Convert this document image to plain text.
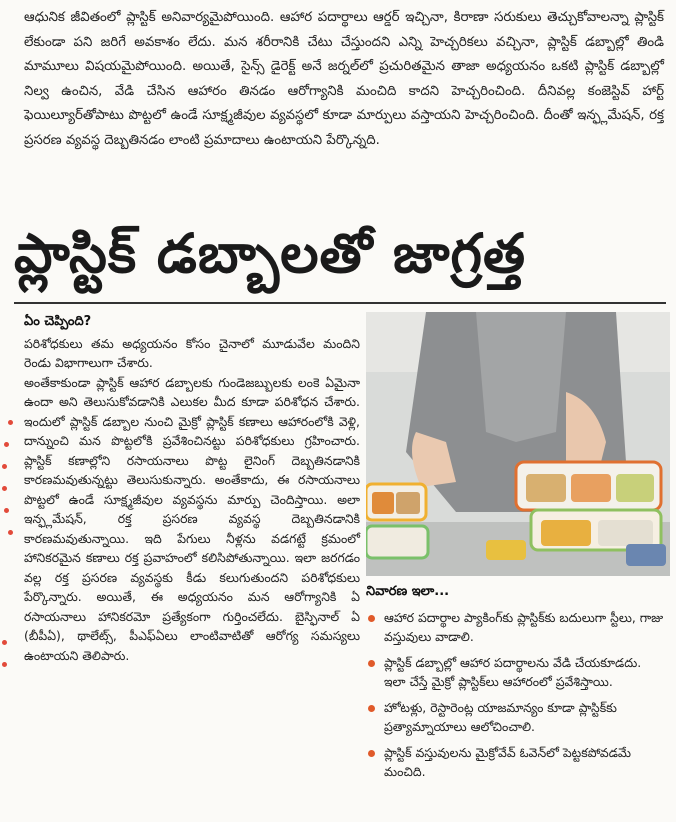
ఆధునిక జీవితంలో ప్లాస్టిక్ అనివార్యమైపోయింది. ఆహార పదార్థాలు ఆర్డర్ ఇచ్చినా, కిరాణా సరుకులు తెచ్చుకోవాలన్నా ప్లాస్టిక్ లేకుండా పని జరిగే అవకాశం లేదు. మన శరీరానికి చేటు చేస్తుందని ఎన్ని హెచ్చరికలు వచ్చినా, ప్లాస్టిక్ డబ్బాల్లో తిండి మామూలు విషయమైపోయింది. అయితే, సైన్స్ డైరెక్ట్ అనే జర్నల్‌లో ప్రచురితమైన తాజా అధ్యయనం ఒకటి ప్లాస్టిక్ డబ్బాల్లో నిల్వ ఉంచిన, వేడి చేసిన ఆహారం తినడం ఆరోగ్యానికి మంచిది కాదని హెచ్చరించింది. దీనివల్ల కంజెస్టివ్ హార్ట్ ఫెయిల్యూర్‌తోపాటు పొట్టలో ఉండే సూక్ష్మజీవుల వ్యవస్థలో కూడా మార్పులు వస్తాయని హెచ్చరించింది. దీంతో ఇన్ఫ్లమేషన్, రక్త ప్రసరణ వ్యవస్థ దెబ్బతినడం లాంటి ప్రమాదాలు ఉంటాయని పేర్కొన్నది.

ప్లాస్టిక్ డబ్బాలతో జాగ్రత్త
ఏం చెప్పింది?

పరిశోధకులు తమ అధ్యయనం కోసం చైనాలో మూడువేల మందిని రెండు విభాగాలుగా చేశారు.

అంతేకాకుండా ప్లాస్టిక్ ఆహార డబ్బాలకు గుండెజబ్బులకు లంకె ఏమైనా ఉందా అని తెలుసుకోవడానికి ఎలుకల మీద కూడా పరిశోధన చేశారు. ఇందులో ప్లాస్టిక్ డబ్బాల నుంచి మైక్రో ప్లాస్టిక్ కణాలు ఆహారంలోకి వెళ్లి, దాన్నుంచి మన పొట్టలోకి ప్రవేశించినట్టు పరిశోధకులు గ్రహించారు. ప్లాస్టిక్ కణాల్లోని రసాయనాలు పొట్ట లైనింగ్ దెబ్బతినడానికి కారణమవుతున్నట్టు తెలుసుకున్నారు. అంతేకాదు, ఈ రసాయనాలు పొట్టలో ఉండే సూక్ష్మజీవుల వ్యవస్థను మార్పు చెందిస్తాయి. అలా ఇన్ఫ్లమేషన్, రక్త ప్రసరణ వ్యవస్థ దెబ్బతినడానికి కారణమవుతున్నాయి. ఇది పేగులు నీళ్లను వడగట్టే క్రమంలో హానికరమైన కణాలు రక్త ప్రవాహంలో కలిసిపోతున్నాయి. ఇలా జరగడం వల్ల రక్త ప్రసరణ వ్యవస్థకు కీడు కలుగుతుందని పరిశోధకులు పేర్కొన్నారు. అయితే, ఈ అధ్యయనం మన ఆరోగ్యానికి ఏ రసాయనాలు హానికరమో ప్రత్యేకంగా గుర్తించలేదు. బైస్ఫినాల్ ఏ (బీపీఏ), థాలేట్స్, పీఎఫ్‌ఏలు లాంటివాటితో ఆరోగ్య సమస్యలు ఉంటాయని తెలిపారు.

నివారణ ఇలా...
ఆహార పదార్థాల ప్యాకింగ్‌కు ప్లాస్టిక్‌కు బదులుగా స్టీలు, గాజు వస్తువులు వాడాలి.
ప్లాస్టిక్ డబ్బాల్లో ఆహార పదార్థాలను వేడి చేయకూడదు. ఇలా చేస్తే మైక్రో ప్లాస్టిక్‌లు ఆహారంలో ప్రవేశిస్తాయి.
హోటళ్లు, రెస్టారెంట్ల యాజమాన్యం కూడా ప్లాస్టిక్‌కు ప్రత్యామ్నాయాలు ఆలోచించాలి.
ప్లాస్టిక్ వస్తువులను మైక్రోవేవ్ ఓవెన్‌లో పెట్టకపోవడమే మంచిది.
